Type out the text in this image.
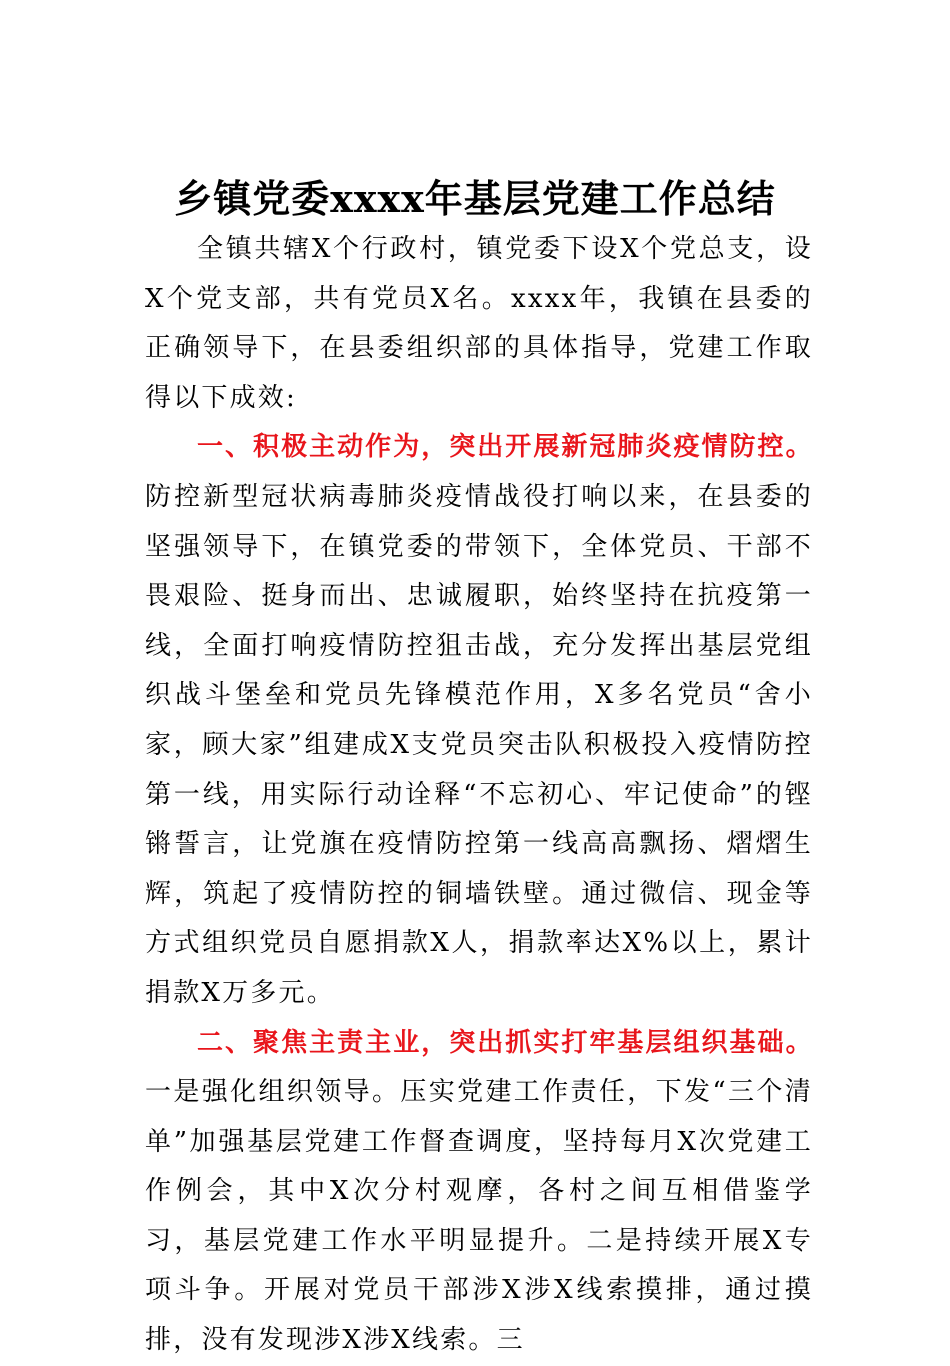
乡镇党委xxxx年基层党建工作总结

全镇共辖X个行政村，镇党委下设X个党总支，设X个党支部，共有党员X名。xxxx年，我镇在县委的正确领导下，在县委组织部的具体指导，党建工作取得以下成效:

一、积极主动作为，突出开展新冠肺炎疫情防控。防控新型冠状病毒肺炎疫情战役打响以来，在县委的坚强领导下，在镇党委的带领下，全体党员、干部不畏艰险、挺身而出、忠诚履职，始终坚持在抗疫第一线，全面打响疫情防控狙击战，充分发挥出基层党组织战斗堡垒和党员先锋模范作用，X多名党员“舍小家，顾大家”组建成X支党员突击队积极投入疫情防控第一线，用实际行动诠释“不忘初心、牢记使命”的铿锵誓言，让党旗在疫情防控第一线高高飘扬、熠熠生辉，筑起了疫情防控的铜墙铁壁。通过微信、现金等方式组织党员自愿捐款X人，捐款率达X%以上，累计捐款X万多元。

二、聚焦主责主业，突出抓实打牢基层组织基础。一是强化组织领导。压实党建工作责任，下发“三个清单”加强基层党建工作督查调度，坚持每月X次党建工作例会，其中X次分村观摩，各村之间互相借鉴学习，基层党建工作水平明显提升。二是持续开展X专项斗争。开展对党员干部涉X涉X线索摸排，通过摸排，没有发现涉X涉X线索。三
